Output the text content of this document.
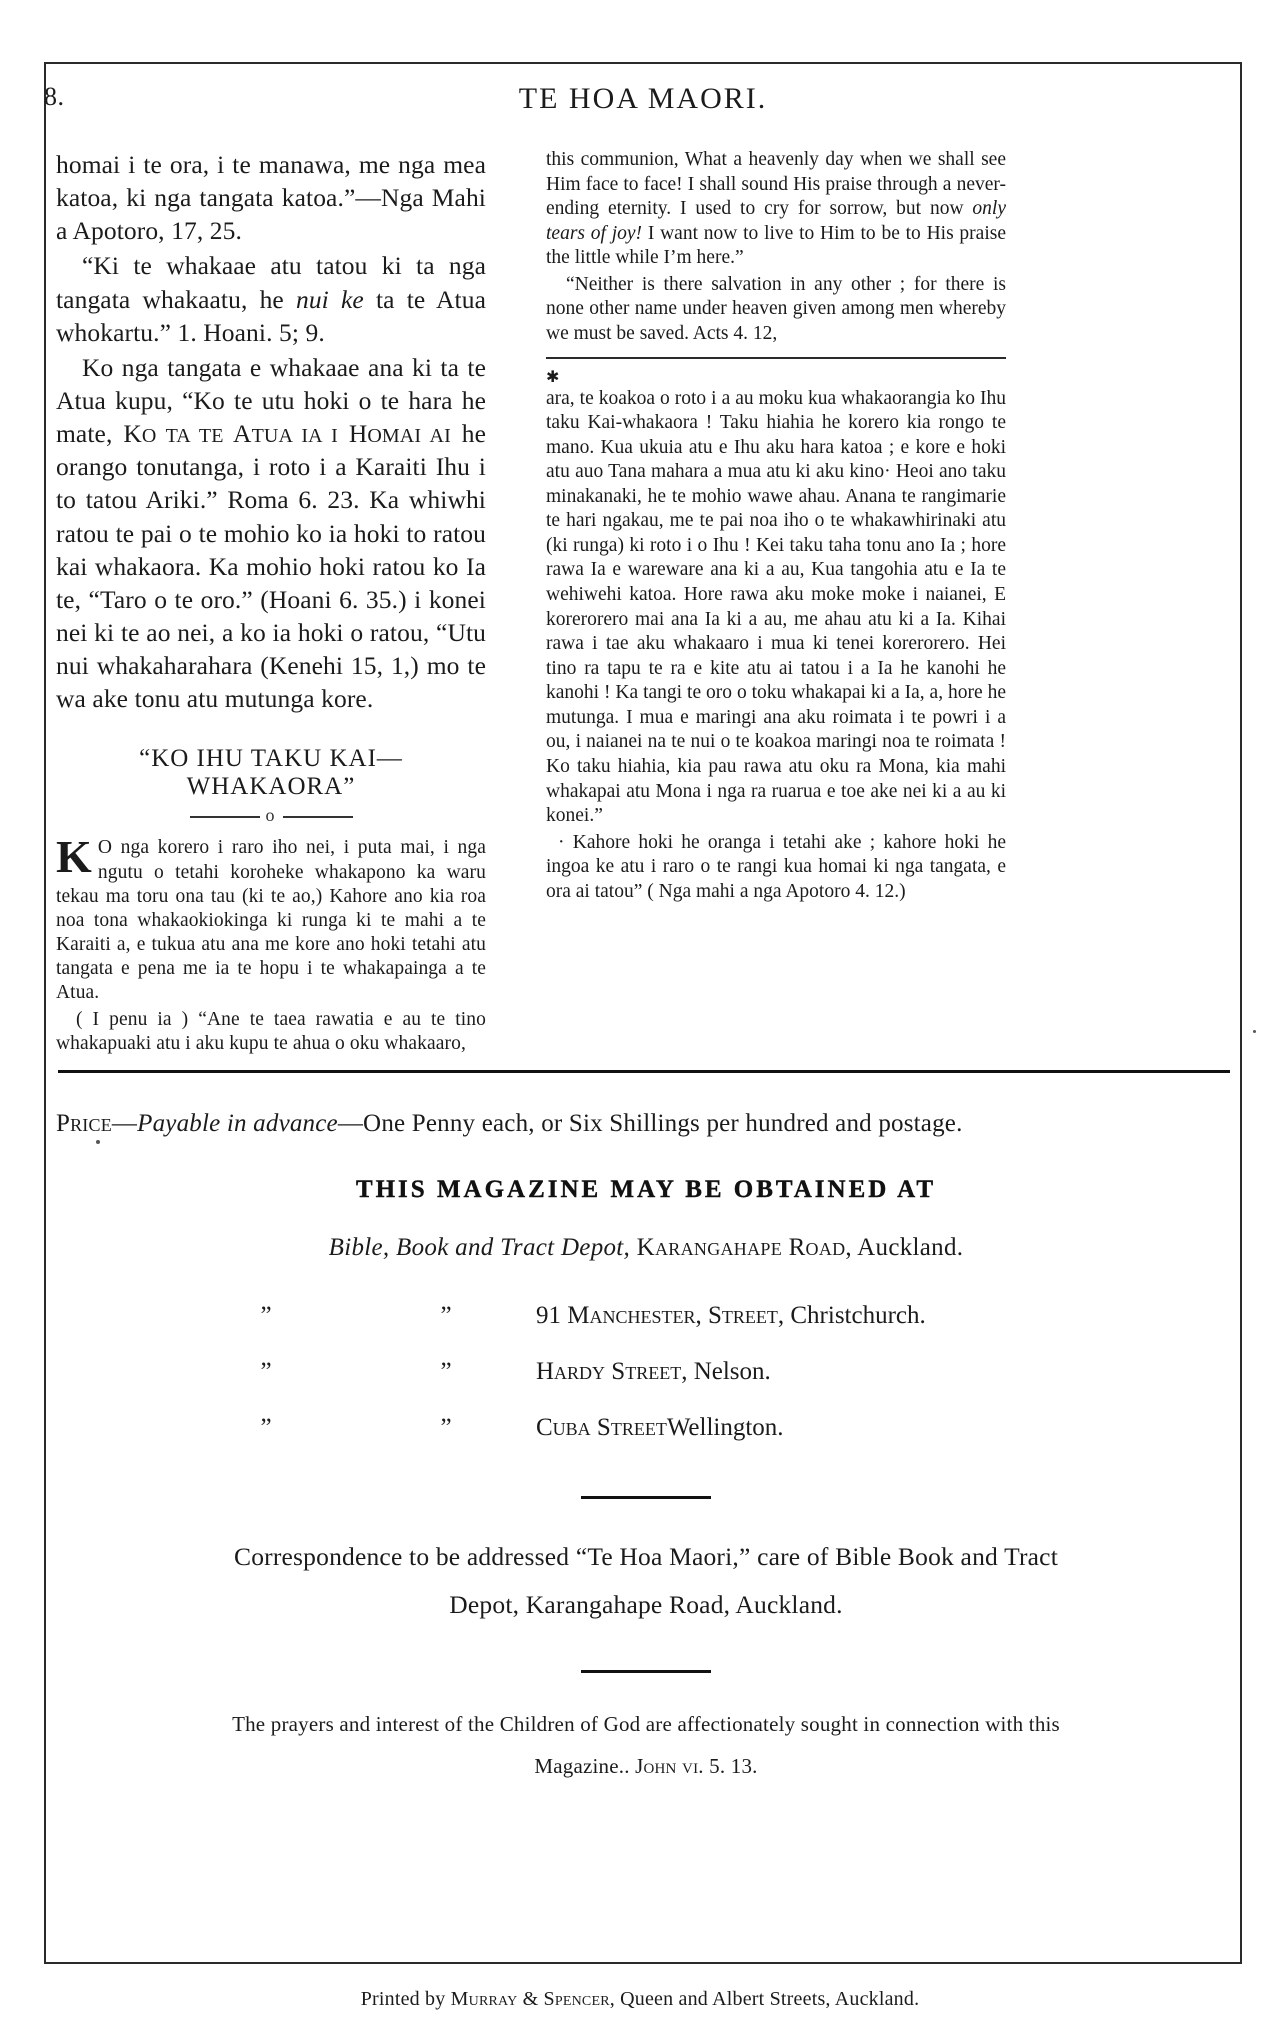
TE HOA MAORI.
8.

homai i te ora, i te manawa, me nga mea katoa, ki nga tangata katoa.”—Nga Mahi a Apotoro, 17, 25.

“Ki te whakaae atu tatou ki ta nga tangata whakaatu, he nui ke ta te Atua whokartu.” 1. Hoani. 5; 9.

Ko nga tangata e whakaae ana ki ta te Atua kupu, “Ko te utu hoki o te hara he mate, KO TA TE ATUA IA I HOMAI AI he orango tonutanga, i roto i a Karaiti Ihu i to tatou Ariki.” Roma 6. 23. Ka whiwhi ratou te pai o te mohio ko ia hoki to ratou kai whakaora. Ka mohio hoki ratou ko Ia te, “Taro o te oro.” (Hoani 6. 35.) i konei nei ki te ao nei, a ko ia hoki o ratou, “Utu nui whakaharahara (Kenehi 15, 1,) mo te wa ake tonu atu mutunga kore.

“KO IHU TAKU KAI—WHAKAORA”
o

K O nga korero i raro iho nei, i puta mai, i nga ngutu o tetahi koroheke whakapono ka waru tekau ma toru ona tau (ki te ao,) Kahore ano kia roa noa tona whakaokiokinga ki runga ki te mahi a te Karaiti a, e tukua atu ana me kore ano hoki tetahi atu tangata e pena me ia te hopu i te whakapainga a te Atua.

( I penu ia ) “Ane te taea rawatia e au te tino whakapuaki atu i aku kupu te ahua o oku whakaaro,

this communion, What a heavenly day when we shall see Him face to face! I shall sound His praise through a never-ending eternity. I used to cry for sorrow, but now only tears of joy! I want now to live to Him to be to His praise the little while I’m here.”

“Neither is there salvation in any other ; for there is none other name under heaven given among men whereby we must be saved. Acts 4. 12,

✱

ara, te koakoa o roto i a au moku kua whakaorangia ko Ihu taku Kai-whakaora ! Taku hiahia he korero kia rongo te mano. Kua ukuia atu e Ihu aku hara katoa ; e kore e hoki atu auo Tana mahara a mua atu ki aku kino· Heoi ano taku minakanaki, he te mohio wawe ahau. Anana te rangimarie te hari ngakau, me te pai noa iho o te whakawhirinaki atu (ki runga) ki roto i o Ihu ! Kei taku taha tonu ano Ia ; hore rawa Ia e wareware ana ki a au, Kua tangohia atu e Ia te wehiwehi katoa. Hore rawa aku moke moke i naianei, E korerorero mai ana Ia ki a au, me ahau atu ki a Ia. Kihai rawa i tae aku whakaaro i mua ki tenei korerorero. Hei tino ra tapu te ra e kite atu ai tatou i a Ia he kanohi he kanohi ! Ka tangi te oro o toku whakapai ki a Ia, a, hore he mutunga. I mua e maringi ana aku roimata i te powri i a ou, i naianei na te nui o te koakoa maringi noa te roimata ! Ko taku hiahia, kia pau rawa atu oku ra Mona, kia mahi whakapai atu Mona i nga ra ruarua e toe ake nei ki a au ki konei.”

· Kahore hoki he oranga i tetahi ake ; kahore hoki he ingoa ke atu i raro o te rangi kua homai ki nga tangata, e ora ai tatou” ( Nga mahi a nga Apotoro 4. 12.)

Price—Payable in advance—One Penny each, or Six Shillings per hundred and postage.
THIS MAGAZINE MAY BE OBTAINED AT
Bible, Book and Tract Depot, Karangahape Road, Auckland.
”	”	91 Manchester, Street, Christchurch.
”	”	Hardy Street, Nelson.
”	”	Cuba StreetWellington.
Correspondence to be addressed “Te Hoa Maori,” care of Bible Book and Tract
Depot, Karangahape Road, Auckland.
The prayers and interest of the Children of God are affectionately sought in connection with this
Magazine.. John vi. 5. 13.
Printed by Murray & Spencer, Queen and Albert Streets, Auckland.
